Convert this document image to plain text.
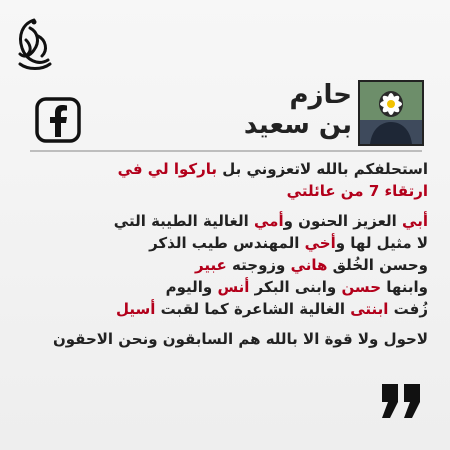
حازم
بن سعيد
استحلفكم بالله لاتعزوني بل باركوا لي في
ارتقاء 7 من عائلتي
أبي العزيز الحنون وأمي الغالية الطيبة التي
لا مثيل لها وأخي المهندس طيب الذكر
وحسن الخُلق هاني وزوجته عبير
وابنها حسن وابنى البكر أنس واليوم
زُفت ابنتى الغالية الشاعرة كما لقبت أسيل
لاحول ولا قوة الا بالله هم السابقون ونحن الاحقون
